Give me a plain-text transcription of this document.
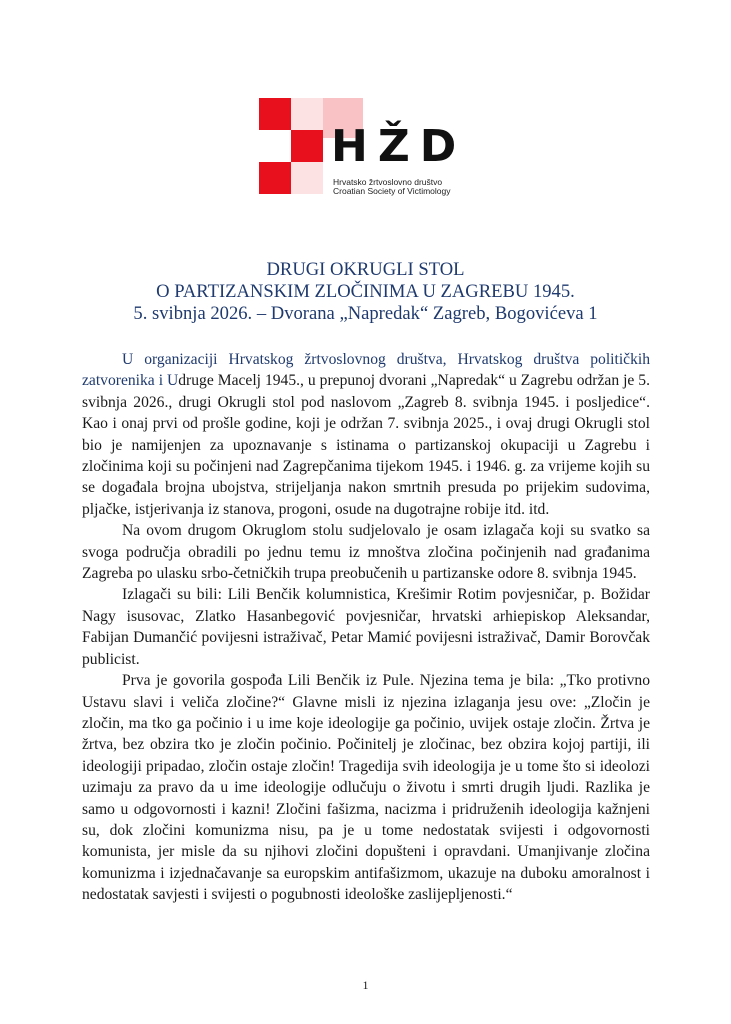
HŽD
Hrvatsko žrtvoslovno društvo
Croatian Society of Victimology
DRUGI OKRUGLI STOL
O PARTIZANSKIM ZLOČINIMA U ZAGREBU 1945.
5. svibnja 2026. – Dvorana „Napredak“ Zagreb, Bogovićeva 1

U organizaciji Hrvatskog žrtvoslovnog društva, Hrvatskog društva političkih zatvorenika i Udruge Macelj 1945., u prepunoj dvorani „Napredak“ u Zagrebu održan je 5. svibnja 2026., drugi Okrugli stol pod naslovom „Zagreb 8. svibnja 1945. i posljedice“. Kao i onaj prvi od prošle godine, koji je održan 7. svibnja 2025., i ovaj drugi Okrugli stol bio je namijenjen za upoznavanje s istinama o partizanskoj okupaciji u Zagrebu i zločinima koji su počinjeni nad Zagrepčanima tijekom 1945. i 1946. g. za vrijeme kojih su se događala brojna ubojstva, strijeljanja nakon smrtnih presuda po prijekim sudovima, pljačke, istjerivanja iz stanova, progoni, osude na dugotrajne robije itd. itd.

Na ovom drugom Okruglom stolu sudjelovalo je osam izlagača koji su svatko sa svoga područja obradili po jednu temu iz mnoštva zločina počinjenih nad građanima Zagreba po ulasku srbo-četničkih trupa preobučenih u partizanske odore 8. svibnja 1945.

Izlagači su bili: Lili Benčik kolumnistica, Krešimir Rotim povjesničar, p. Božidar Nagy isusovac, Zlatko Hasanbegović povjesničar, hrvatski arhiepiskop Aleksandar, Fabijan Dumančić povijesni istraživač, Petar Mamić povijesni istraživač, Damir Borovčak publicist.

Prva je govorila gospođa Lili Benčik iz Pule. Njezina tema je bila: „Tko protivno Ustavu slavi i veliča zločine?“ Glavne misli iz njezina izlaganja jesu ove: „Zločin je zločin, ma tko ga počinio i u ime koje ideologije ga počinio, uvijek ostaje zločin. Žrtva je žrtva, bez obzira tko je zločin počinio. Počinitelj je zločinac, bez obzira kojoj partiji, ili ideologiji pripadao, zločin ostaje zločin! Tragedija svih ideologija je u tome što si ideolozi uzimaju za pravo da u ime ideologije odlučuju o životu i smrti drugih ljudi. Razlika je samo u odgovornosti i kazni! Zločini fašizma, nacizma i pridruženih ideologija kažnjeni su, dok zločini komunizma nisu, pa je u tome nedostatak svijesti i odgovornosti komunista, jer misle da su njihovi zločini dopušteni i opravdani. Umanjivanje zločina komunizma i izjednačavanje sa europskim antifašizmom, ukazuje na duboku amoralnost i nedostatak savjesti i svijesti o pogubnosti ideološke zaslijepljenosti.“

1
